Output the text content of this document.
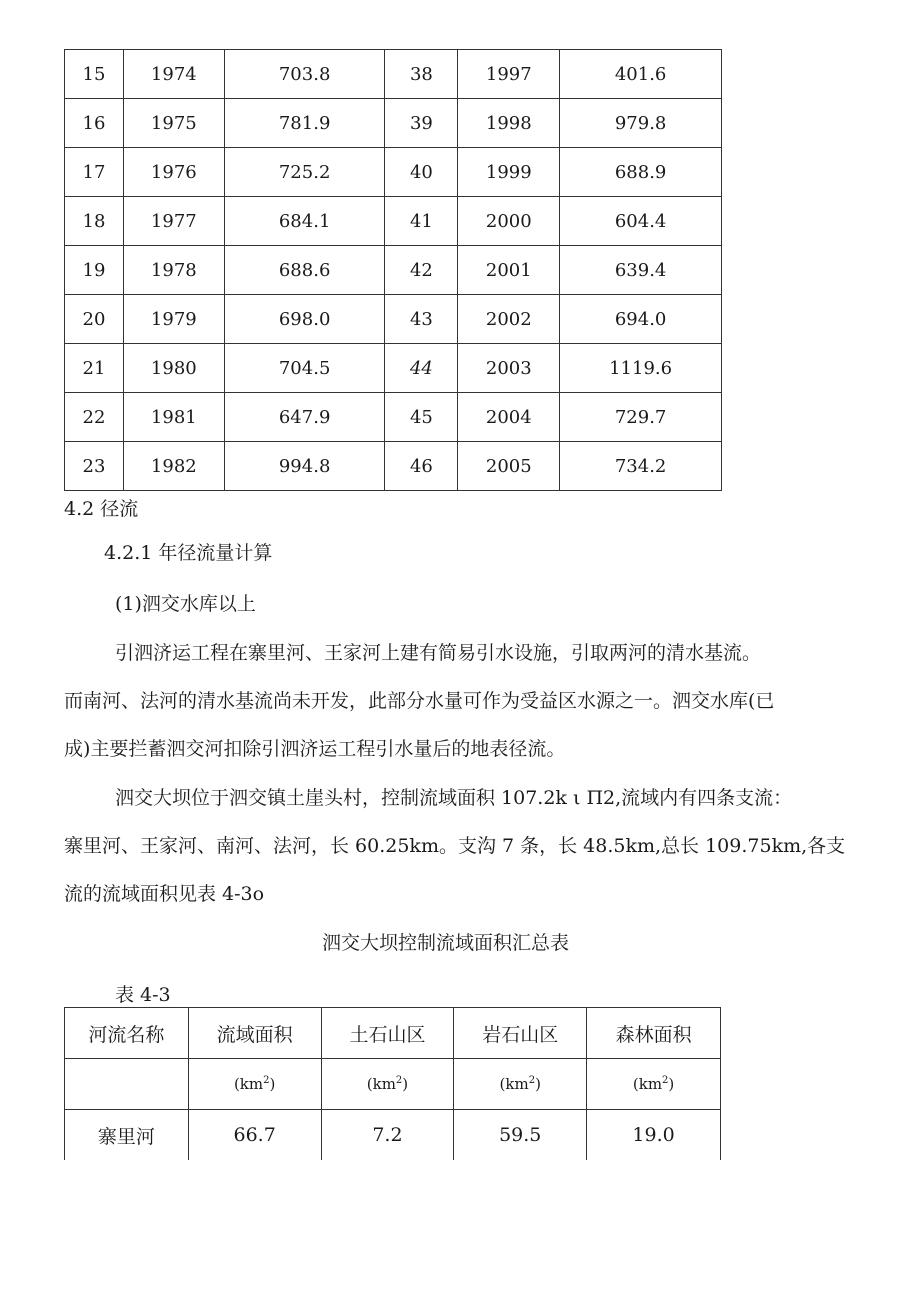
15	1974	703.8	38	1997	401.6
16	1975	781.9	39	1998	979.8
17	1976	725.2	40	1999	688.9
18	1977	684.1	41	2000	604.4
19	1978	688.6	42	2001	639.4
20	1979	698.0	43	2002	694.0
21	1980	704.5	44	2003	1119.6
22	1981	647.9	45	2004	729.7
23	1982	994.8	46	2005	734.2

4.2 径流

4.2.1 年径流量计算

(1)泗交水库以上

引泗济运工程在寨里河、王家河上建有简易引水设施，引取两河的清水基流。

而南河、法河的清水基流尚未开发，此部分水量可作为受益区水源之一。泗交水库(已

成)主要拦蓄泗交河扣除引泗济运工程引水量后的地表径流。

泗交大坝位于泗交镇土崖头村，控制流域面积 107.2k ι Π2,流域内有四条支流：

寨里河、王家河、南河、法河，长 60.25km。支沟 7 条，长 48.5km,总长 109.75km,各支

流的流域面积见表 4-3o

泗交大坝控制流域面积汇总表

表 4-3

河流名称	流域面积	土石山区	岩石山区	森林面积
	$(km^2)$	$(km^2)$	$(km^2)$	$(km^2)$
寨里河	66.7	7.2	59.5	19.0
